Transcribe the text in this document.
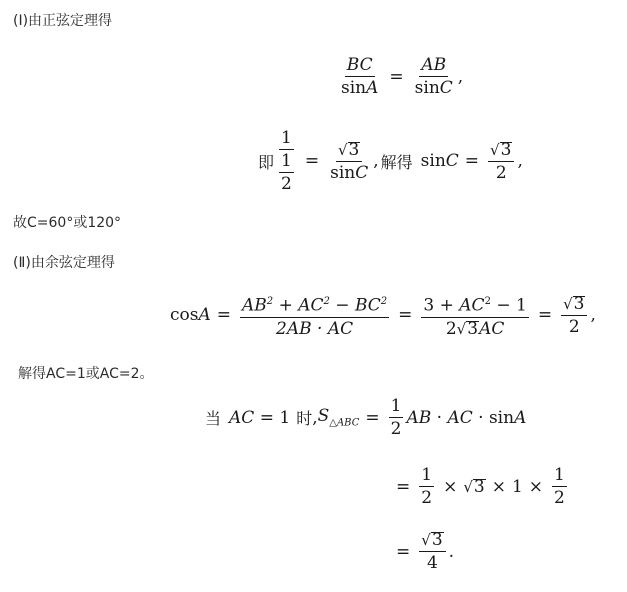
(Ⅰ)由正弦定理得
$\frac{BC}{\sin A} = \frac{AB}{\sin C}$ ,
即 $\frac{1}{\frac{1}{2}} = \frac{√ 3}{\sin C}$ , 解得 $\sin C = \frac{√ 3}{2}$ ,
故C=60°或120°
(Ⅱ)由余弦定理得
$\cos A = \frac{AB^2 + AC^2 - BC^2}{2AB \cdot AC} = \frac{3 + AC^2 - 1}{2 √ 3 AC} = \frac{√ 3}{2}$ ,
解得AC=1或AC=2。
当 AC = 1 时 , $S_{\triangle ABC} = \frac{1}{2}$ AB · AC · sinA
= $\frac{1}{2}$ × √ $3 \times 1 \times \frac{1}{2}$
= $\frac{√ 3}{4}$ .
